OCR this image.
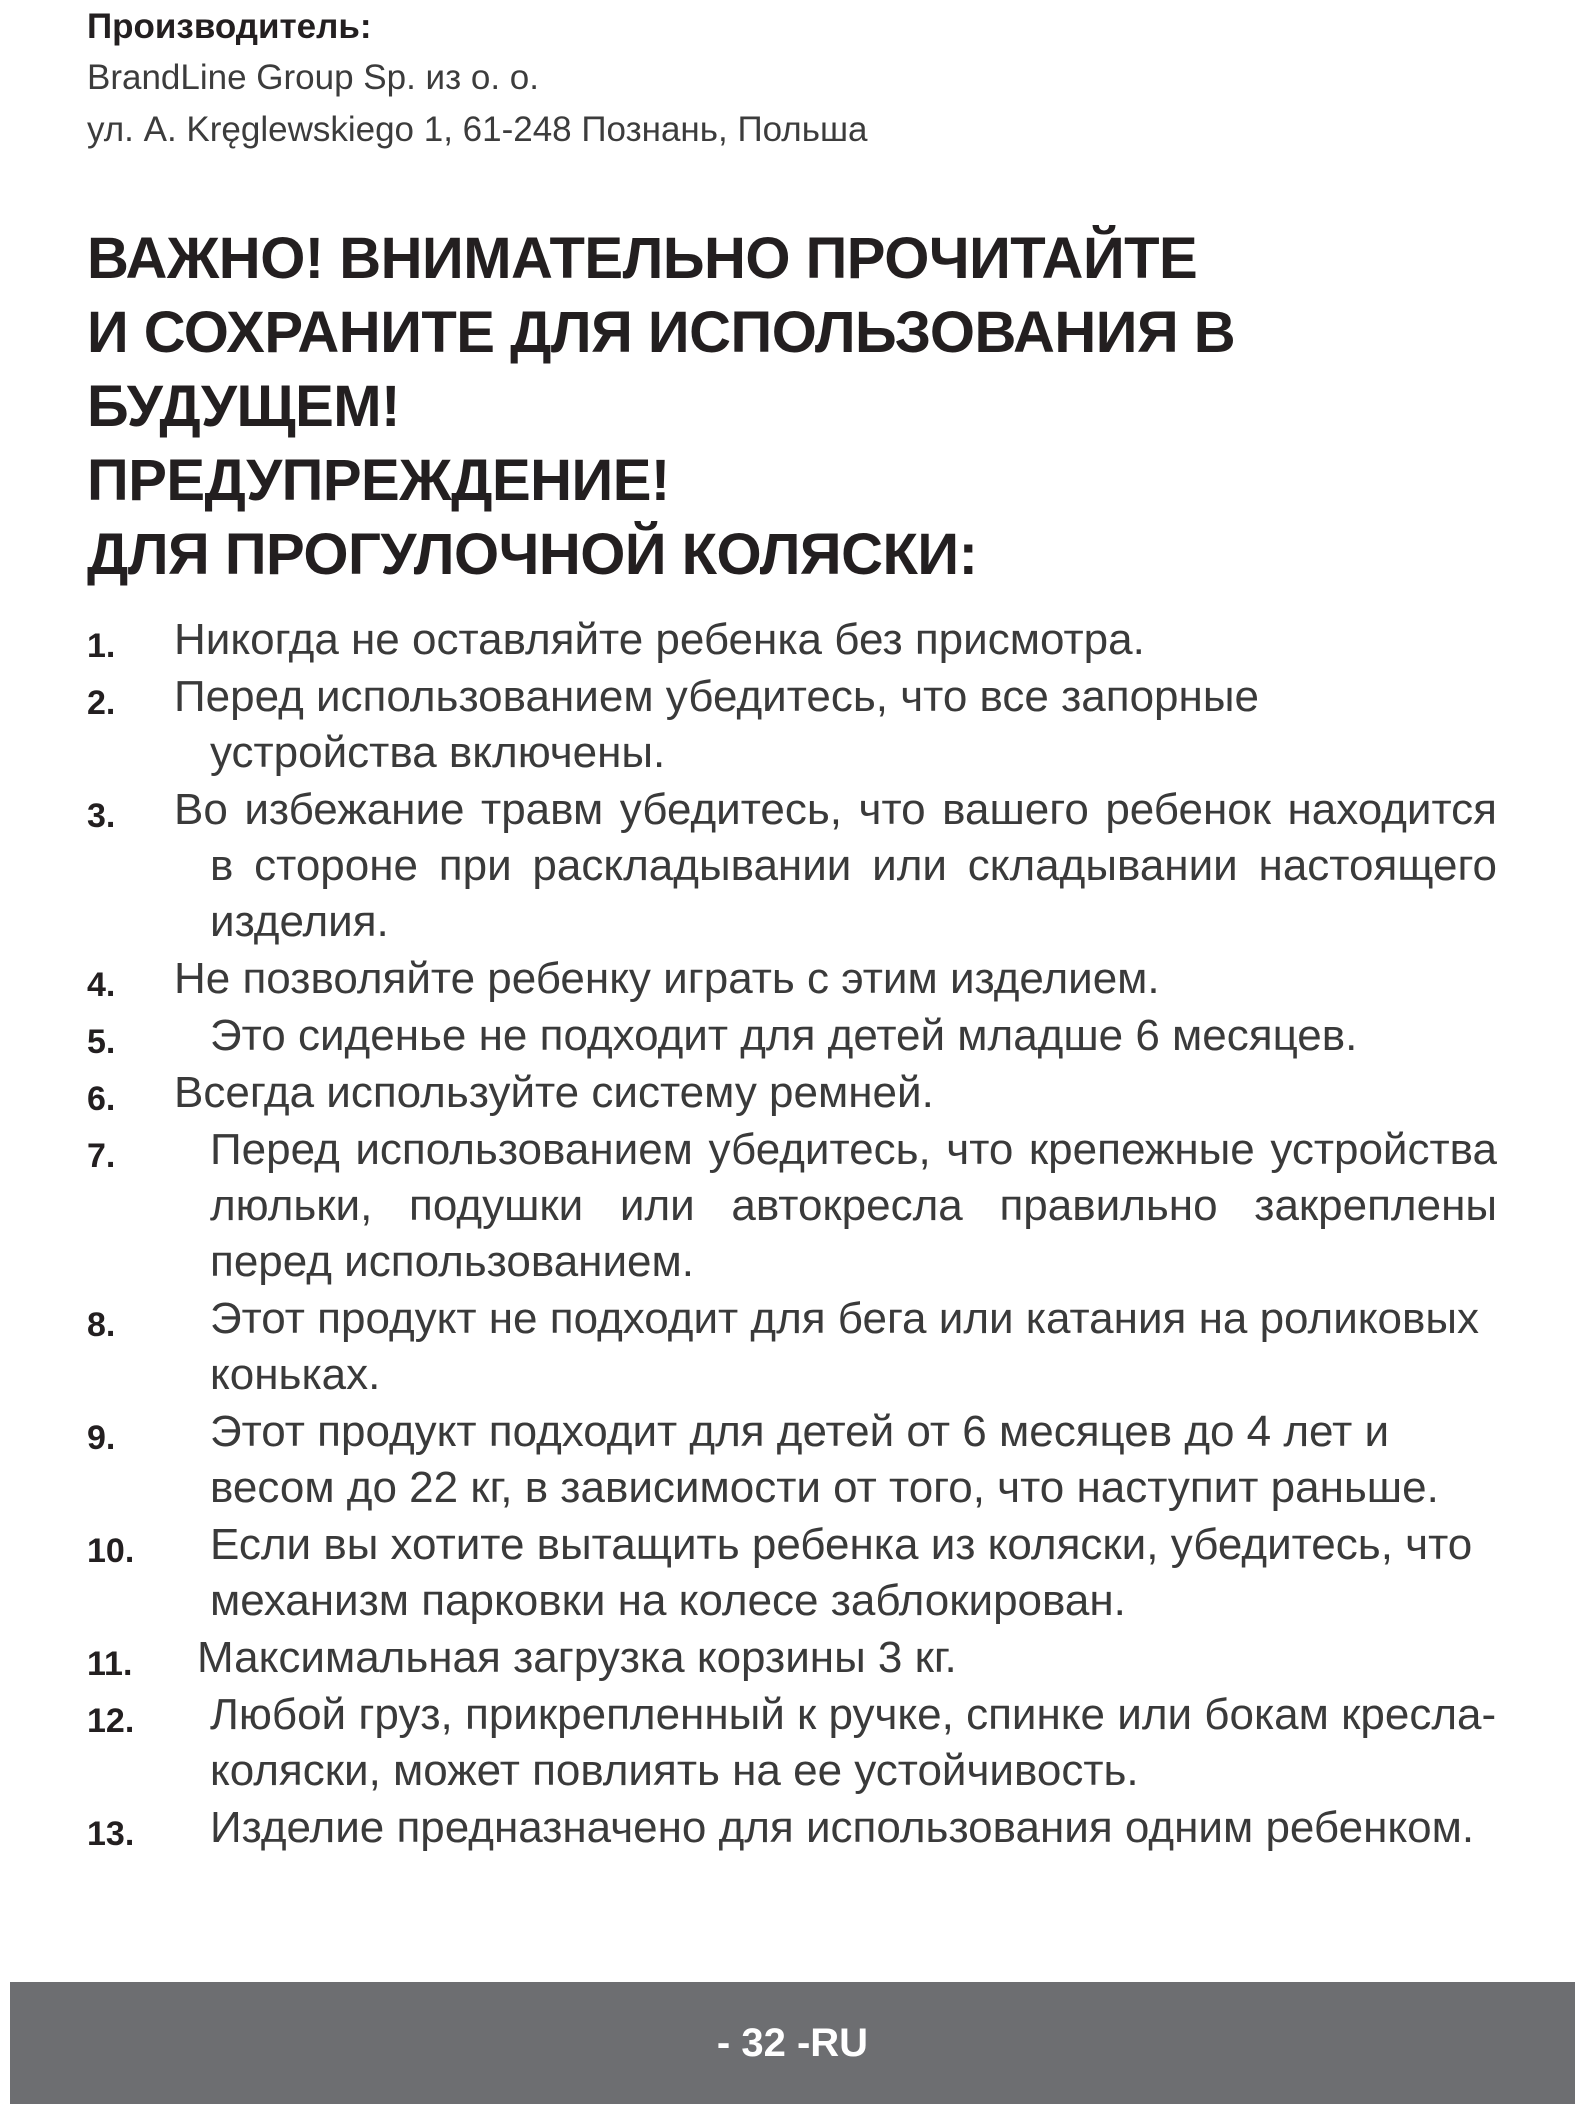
Производитель:
BrandLine Group Sp. из о. о.
ул. A. Kręglewskiego 1, 61-248 Познань, Польша
ВАЖНО! ВНИМАТЕЛЬНО ПРОЧИТАЙТЕ
И СОХРАНИТЕ ДЛЯ ИСПОЛЬЗОВАНИЯ В
БУДУЩЕМ!
ПРЕДУПРЕЖДЕНИЕ!
ДЛЯ ПРОГУЛОЧНОЙ КОЛЯСКИ:
1. Никогда не оставляйте ребенка без присмотра.
2. Перед использованием убедитесь, что все запорные устройства включены.
3. Во избежание травм убедитесь, что вашего ребенок находится в стороне при раскладывании или складывании настоящего изделия.
4. Не позволяйте ребенку играть с этим изделием.
5.	Это сиденье не подходит для детей младше 6 месяцев.
6. Всегда используйте систему ремней.
7.	Перед использованием убедитесь, что крепежные устройства люльки, подушки или автокресла правильно закреплены перед использованием.
8.	Этот продукт не подходит для бега или катания на роликовых коньках.
9.	Этот продукт подходит для детей от 6 месяцев до 4 лет и весом до 22 кг, в зависимости от того, что наступит раньше.
10.	Если вы хотите вытащить ребенка из коляски, убедитесь, что механизм парковки на колесе заблокирован.
11. Максимальная загрузка корзины 3 кг.
12.	Любой груз, прикрепленный к ручке, спинке или бокам кресла-коляски, может повлиять на ее устойчивость.
13.	Изделие предназначено для использования одним ребенком.
- 32 -RU
